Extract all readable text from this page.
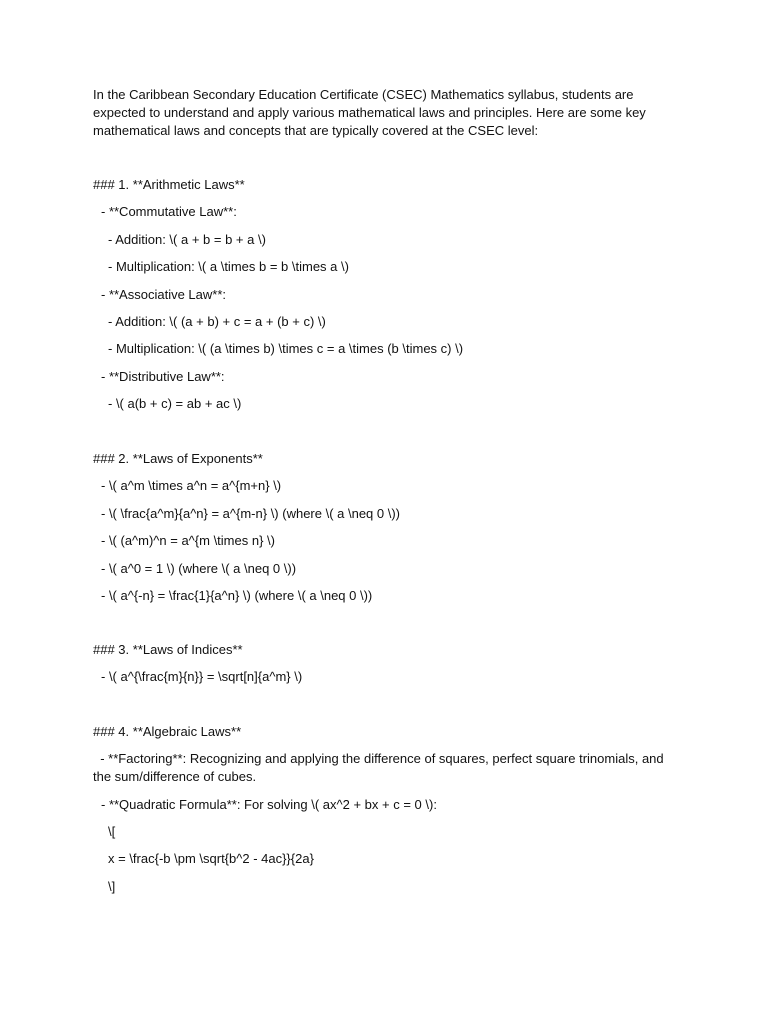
In the Caribbean Secondary Education Certificate (CSEC) Mathematics syllabus, students are
expected to understand and apply various mathematical laws and principles. Here are some key
mathematical laws and concepts that are typically covered at the CSEC level:
### 1. **Arithmetic Laws**
- **Commutative Law**:
- Addition: \( a + b = b + a \)
- Multiplication: \( a \times b = b \times a \)
- **Associative Law**:
- Addition: \( (a + b) + c = a + (b + c) \)
- Multiplication: \( (a \times b) \times c = a \times (b \times c) \)
- **Distributive Law**:
- \( a(b + c) = ab + ac \)
### 2. **Laws of Exponents**
- \( a^m \times a^n = a^{m+n} \)
- \( \frac{a^m}{a^n} = a^{m-n} \) (where \( a \neq 0 \))
- \( (a^m)^n = a^{m \times n} \)
- \( a^0 = 1 \) (where \( a \neq 0 \))
- \( a^{-n} = \frac{1}{a^n} \) (where \( a \neq 0 \))
### 3. **Laws of Indices**
- \( a^{\frac{m}{n}} = \sqrt[n]{a^m} \)
### 4. **Algebraic Laws**
- **Factoring**: Recognizing and applying the difference of squares, perfect square trinomials, and
the sum/difference of cubes.
- **Quadratic Formula**: For solving \( ax^2 + bx + c = 0 \):
\[
x = \frac{-b \pm \sqrt{b^2 - 4ac}}{2a}
\]
